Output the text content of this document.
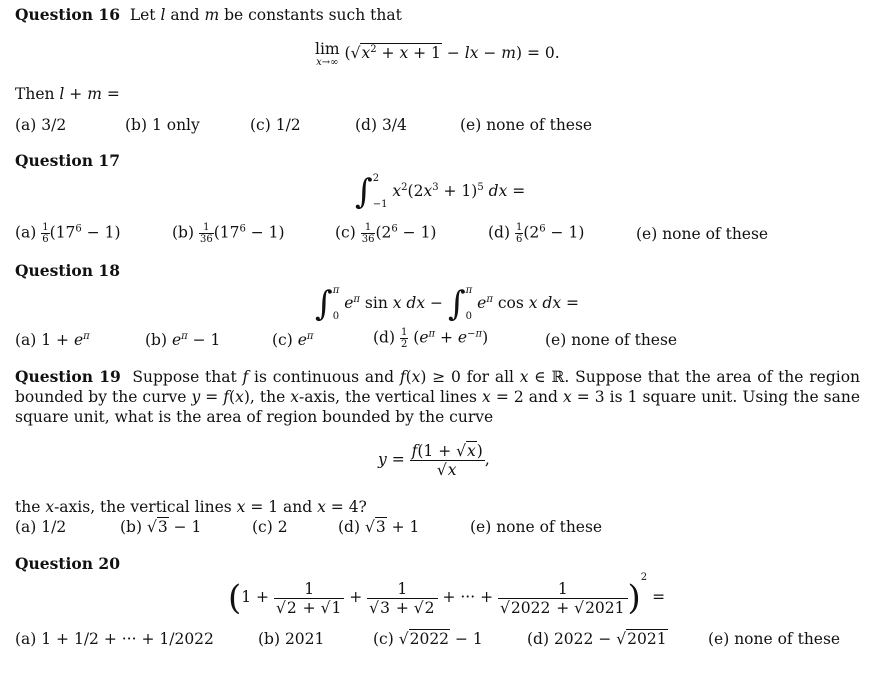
Question 16 Let l and m be constants such that
lim
x→∞
($√x^2 + x + 1$ − lx − m) = 0.
Then l + m =
(a) 3/2	(b) 1 only	(c) 1/2	(d) 3/4	(e) none of these
Question 17
∫ 2
−1
$x^2(2x^3 + 1)^5$ dx =
$(a) \frac{1}{6} (17^6 - 1)$	$(b) \frac{1}{36} (17^6 - 1)$	$(c) \frac{1}{36} (2^6 - 1)$	$(d) \frac{1}{6} (2^6 - 1)$	(e) none of these
Question 18
∫ π
0
$e^\pi$ sin x dx − ∫ π
0
$e^\pi$ cos x dx =
(a) $1 + e^\pi$	(b) $e^\pi - 1$	(c) $e^\pi$	$(d) \frac{1}{2} (e^\pi + e^{-\pi})$	(e) none of these
Question 19 Suppose that f is continuous and f(x) ≥ 0 for all x ∈ ℝ. Suppose that the area of the region bounded by the curve y = f(x), the x-axis, the vertical lines x = 2 and x = 3 is 1 square unit. Using the sane square unit, what is the area of region bounded by the curve
$y = \frac{f(1 + √x)}{√x}$ ,
the x-axis, the vertical lines x = 1 and x = 4?
(a) 1/2	(b) √3 − 1	(c) 2	(d) √3 + 1	(e) none of these
Question 20
($1 + \frac{1}{√2 + √1} + \frac{1}{√3 + √2}$ + ··· + $\frac{1}{√2022 + √2021} )^2$ =
(a) 1 + 1/2 + ··· + 1/2022	(b) 2021	(c) √2022 − 1	(d) 2022 − √2021	(e) none of these
